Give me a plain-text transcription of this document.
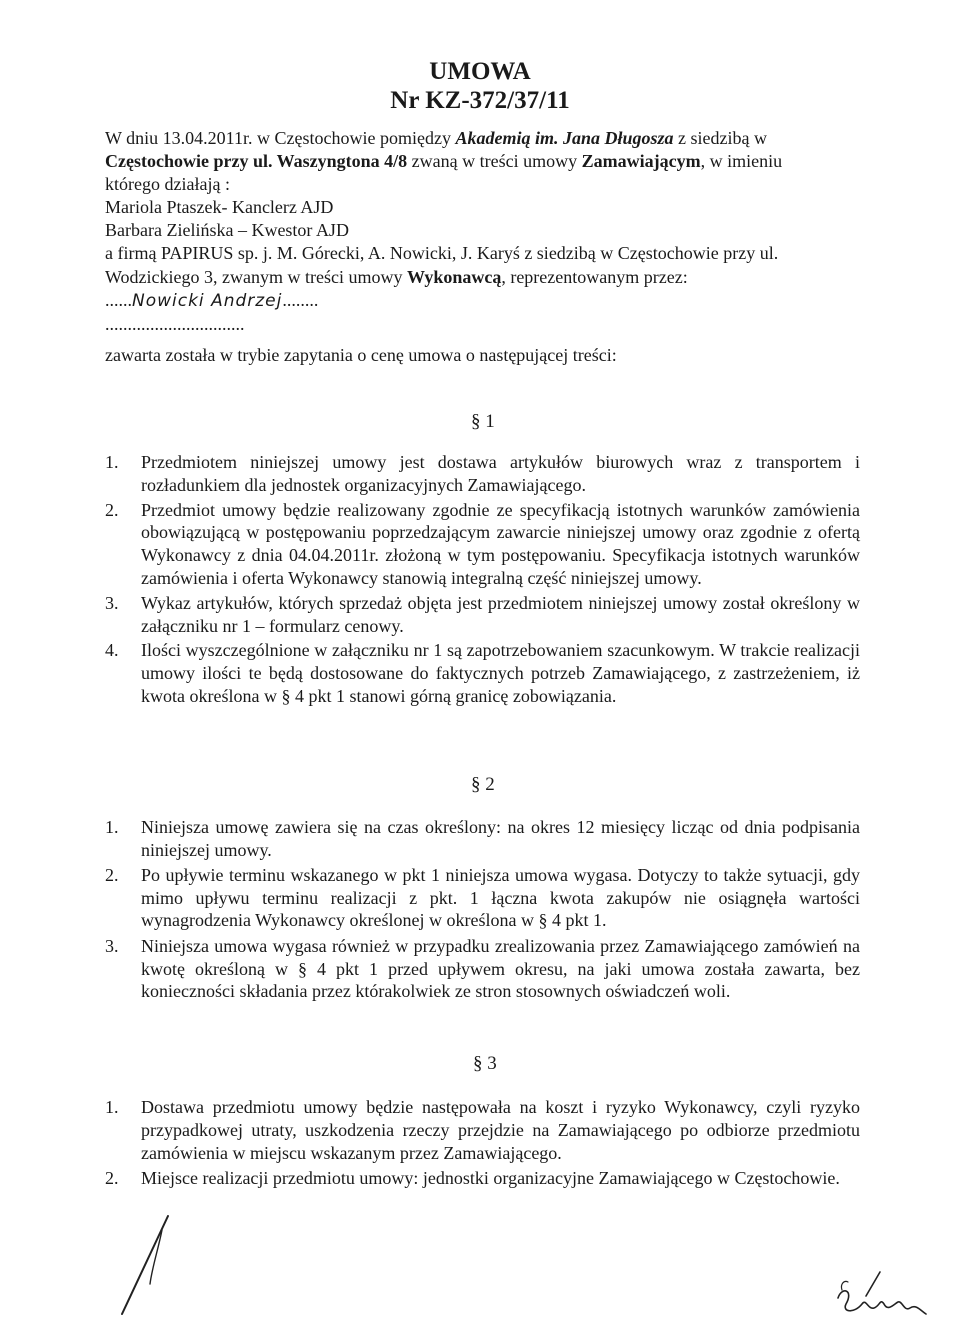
UMOWA
Nr KZ-372/37/11

W dniu 13.04.2011r. w Częstochowie pomiędzy Akademią im. Jana Długosza z siedzibą w

Częstochowie przy ul. Waszyngtona 4/8 zwaną w treści umowy Zamawiającym, w imieniu

którego działają :

Mariola Ptaszek- Kanclerz AJD

Barbara Zielińska – Kwestor AJD

a firmą PAPIRUS sp. j. M. Górecki, A. Nowicki, J. Karyś z siedzibą w Częstochowie przy ul.

Wodzickiego 3, zwanym w treści umowy Wykonawcą, reprezentowanym przez:

......Nowicki Andrzej........

...............................

zawarta została w trybie zapytania o cenę umowa o następującej treści:
§ 1
1. Przedmiotem niniejszej umowy jest dostawa artykułów biurowych wraz z transportem i rozładunkiem dla jednostek organizacyjnych Zamawiającego.
2. Przedmiot umowy będzie realizowany zgodnie ze specyfikacją istotnych warunków zamówienia obowiązującą w postępowaniu poprzedzającym zawarcie niniejszej umowy oraz zgodnie z ofertą Wykonawcy z dnia 04.04.2011r. złożoną w tym postępowaniu. Specyfikacja istotnych warunków zamówienia i oferta Wykonawcy stanowią integralną część niniejszej umowy.
3. Wykaz artykułów, których sprzedaż objęta jest przedmiotem niniejszej umowy został określony w załączniku nr 1 – formularz cenowy.
4. Ilości wyszczególnione w załączniku nr 1 są zapotrzebowaniem szacunkowym. W trakcie realizacji umowy ilości te będą dostosowane do faktycznych potrzeb Zamawiającego, z zastrzeżeniem, iż kwota określona w § 4 pkt 1 stanowi górną granicę zobowiązania.
§ 2
1. Niniejsza umowę zawiera się na czas określony: na okres 12 miesięcy licząc od dnia podpisania niniejszej umowy.
2. Po upływie terminu wskazanego w pkt 1 niniejsza umowa wygasa. Dotyczy to także sytuacji, gdy mimo upływu terminu realizacji z pkt. 1 łączna kwota zakupów nie osiągnęła wartości wynagrodzenia Wykonawcy określonej w określona w § 4 pkt 1.
3. Niniejsza umowa wygasa również w przypadku zrealizowania przez Zamawiającego zamówień na kwotę określoną w § 4 pkt 1 przed upływem okresu, na jaki umowa została zawarta, bez konieczności składania przez którakolwiek ze stron stosownych oświadczeń woli.
§ 3
1. Dostawa przedmiotu umowy będzie następowała na koszt i ryzyko Wykonawcy, czyli ryzyko przypadkowej utraty, uszkodzenia rzeczy przejdzie na Zamawiającego po odbiorze przedmiotu zamówienia w miejscu wskazanym przez Zamawiającego.
2. Miejsce realizacji przedmiotu umowy: jednostki organizacyjne Zamawiającego w Częstochowie.
